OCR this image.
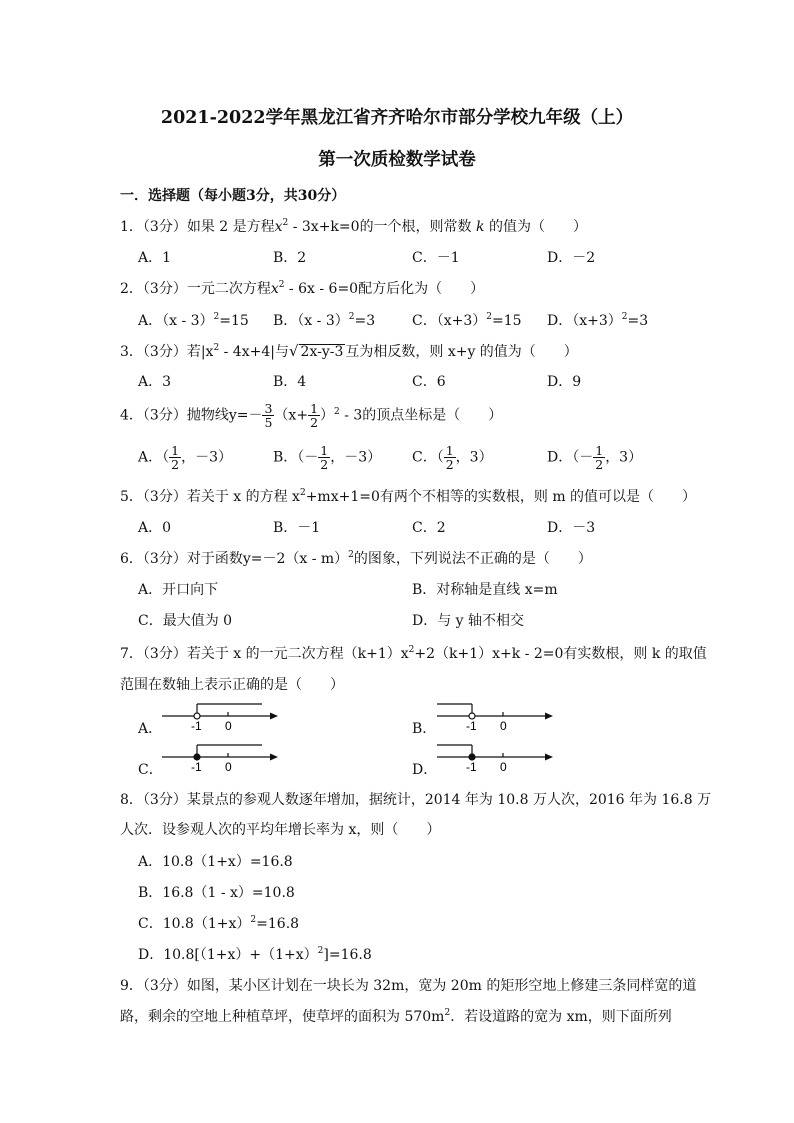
2021-2022学年黑龙江省齐齐哈尔市部分学校九年级（上）
第一次质检数学试卷
一．选择题（每小题3分，共30分）
1．（3分）如果 2 是方程$x^2 - 3x+k=0$的一个根，则常数 k 的值为（　　）
A．1	B．2	C．－1	D．－2
2．（3分）一元二次方程$x^2 - 6x - 6=0$配方后化为（　　）
A．（x - 3）$^2$=15 B．（x - 3）$^2$=3	C．$(x+3)^2=15$ D．$(x+3)^2=3$
3．（3分）若$|x^2 - 4x+4|$与√ 2x-y-3 互为相反数，则 x+y 的值为（　　）
A．3	B．4	C．6	D．9
4．（3分）抛物线$y=- \frac{3}{5} (x+ \frac{1}{2} )^2 - 3$的顶点坐标是（　　）
A．（ $\frac{1}{2}$ ，－3）	B．（－ $\frac{1}{2}$ ，－3） C．（ $\frac{1}{2}$ ，3）	D．（－ $\frac{1}{2}$ ，3）
5．（3分）若关于 x 的方程 $x^2+mx+1=0$有两个不相等的实数根，则 m 的值可以是（　　）
A．0	B．－1	C．2	D．－3
6．（3分）对于函数y=－2（x - m）$^2$的图象，下列说法不正确的是（　　）
A．开口向下	B．对称轴是直线 x=m
C．最大值为 0	D．与 y 轴不相交
7．（3分）若关于 x 的一元二次方程$(k+1)x^2+2(k+1)x+k - 2=0$有实数根，则 k 的取值
范围在数轴上表示正确的是（　　）
A． -1 0	B． -1 0
C． -1 0	D． -1 0
8．（3分）某景点的参观人数逐年增加，据统计，2014 年为 10.8 万人次，2016 年为 16.8 万
人次．设参观人次的平均年增长率为 x，则（　　）
A．10.8（1+x）=16.8
B．16.8（1 - x）=10.8
C．$10.8(1+x)^2=16.8$
D．$10.8[(1+x)+(1+x)^2]=16.8$
9．（3分）如图，某小区计划在一块长为 32m，宽为 20m 的矩形空地上修建三条同样宽的道
路，剩余的空地上种植草坪，使草坪的面积为 $570m^2$．若设道路的宽为 xm，则下面所列
